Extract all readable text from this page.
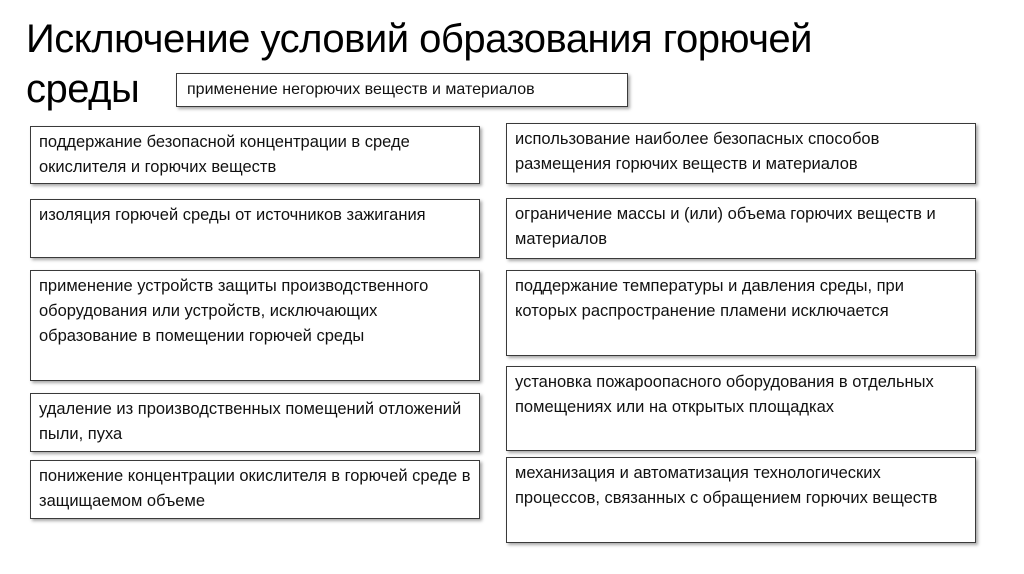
Исключение условий образования горючей среды	применение негорючих веществ и материалов
поддержание безопасной концентрации в среде окислителя и горючих веществ
изоляция горючей среды от источников зажигания
применение устройств защиты производственного оборудования или устройств, исключающих образование в помещении горючей среды
удаление из производственных помещений отложений пыли, пуха
понижение концентрации окислителя в горючей среде в защищаемом объеме
использование наиболее безопасных способов размещения горючих веществ и материалов
ограничение массы и (или) объема горючих веществ и материалов
поддержание температуры и давления среды, при которых распространение пламени исключается
установка пожароопасного оборудования в отдельных помещениях или на открытых площадках
механизация и автоматизация технологических процессов, связанных с обращением горючих веществ
